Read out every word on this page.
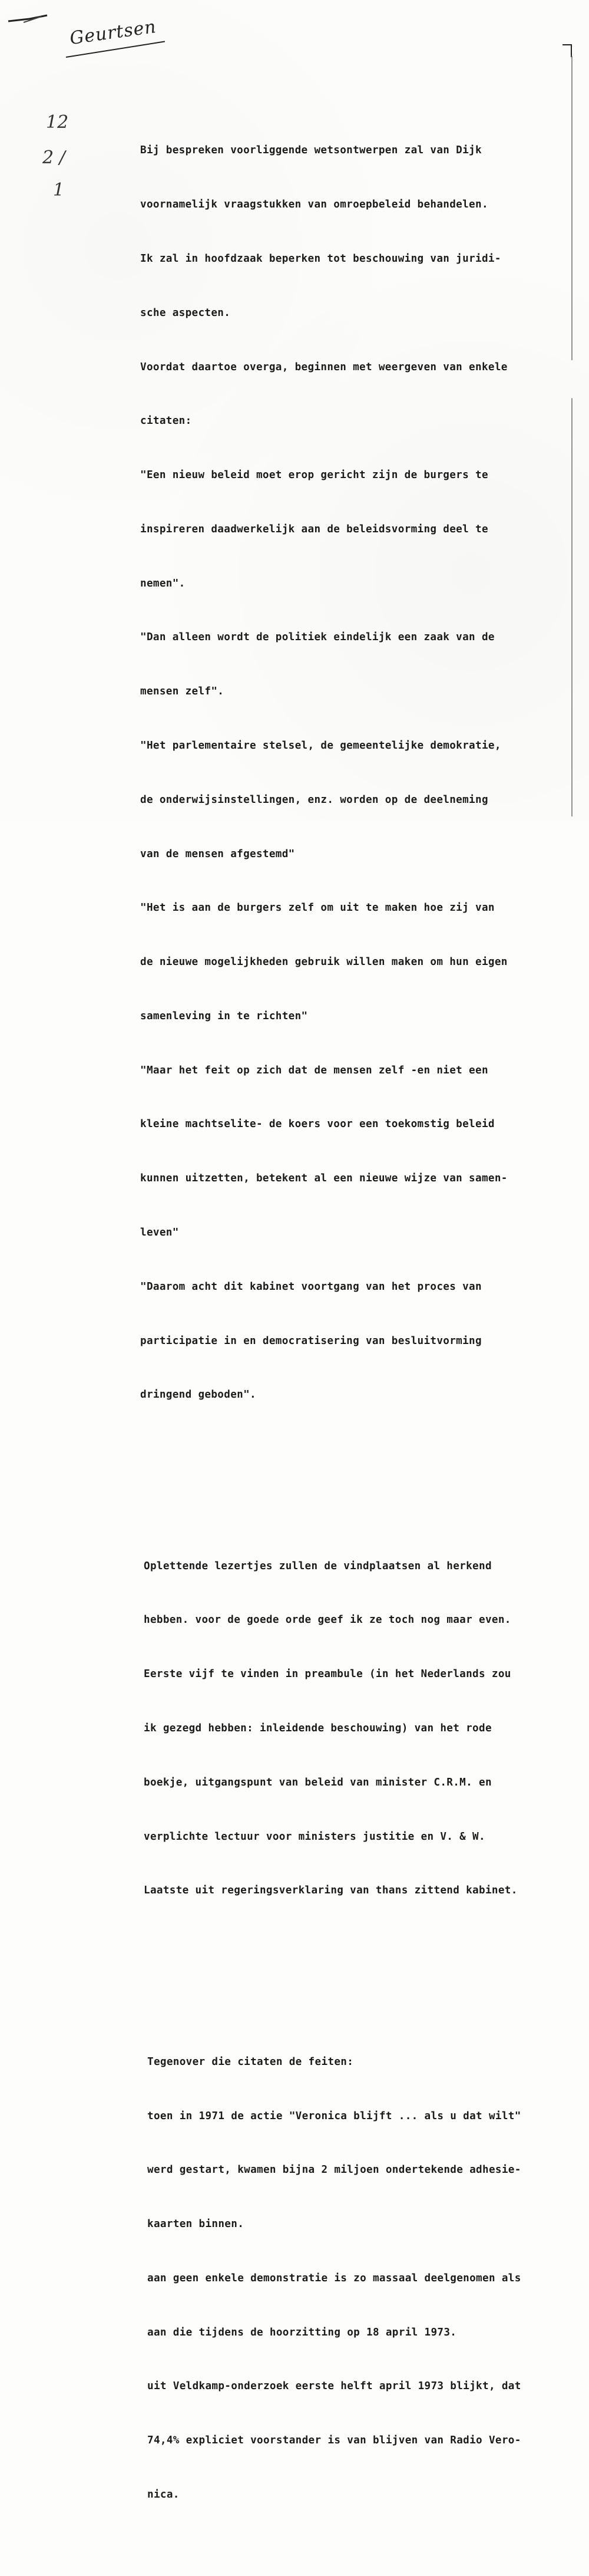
Geurtsen
12
2 /
1

Bij bespreken voorliggende wetsontwerpen zal van Dijk

voornamelijk vraagstukken van omroepbeleid behandelen.

Ik zal in hoofdzaak beperken tot beschouwing van juridi-

sche aspecten.

Voordat daartoe overga, beginnen met weergeven van enkele

citaten:

"Een nieuw beleid moet erop gericht zijn de burgers te

inspireren daadwerkelijk aan de beleidsvorming deel te

nemen".

"Dan alleen wordt de politiek eindelijk een zaak van de

mensen zelf".

"Het parlementaire stelsel, de gemeentelijke demokratie,

de onderwijsinstellingen, enz. worden op de deelneming

van de mensen afgestemd"

"Het is aan de burgers zelf om uit te maken hoe zij van

de nieuwe mogelijkheden gebruik willen maken om hun eigen

samenleving in te richten"

"Maar het feit op zich dat de mensen zelf -en niet een

kleine machtselite- de koers voor een toekomstig beleid

kunnen uitzetten, betekent al een nieuwe wijze van samen-

leven"

"Daarom acht dit kabinet voortgang van het proces van

participatie in en democratisering van besluitvorming

dringend geboden".

Oplettende lezertjes zullen de vindplaatsen al herkend

hebben. voor de goede orde geef ik ze toch nog maar even.

Eerste vijf te vinden in preambule (in het Nederlands zou

ik gezegd hebben: inleidende beschouwing) van het rode

boekje, uitgangspunt van beleid van minister C.R.M. en

verplichte lectuur voor ministers justitie en V. & W.

Laatste uit regeringsverklaring van thans zittend kabinet.

Tegenover die citaten de feiten:

toen in 1971 de actie "Veronica blijft ... als u dat wilt"

werd gestart, kwamen bijna 2 miljoen ondertekende adhesie-

kaarten binnen.

aan geen enkele demonstratie is zo massaal deelgenomen als

aan die tijdens de hoorzitting op 18 april 1973.

uit Veldkamp-onderzoek eerste helft april 1973 blijkt, dat

74,4% expliciet voorstander is van blijven van Radio Vero-

nica.
